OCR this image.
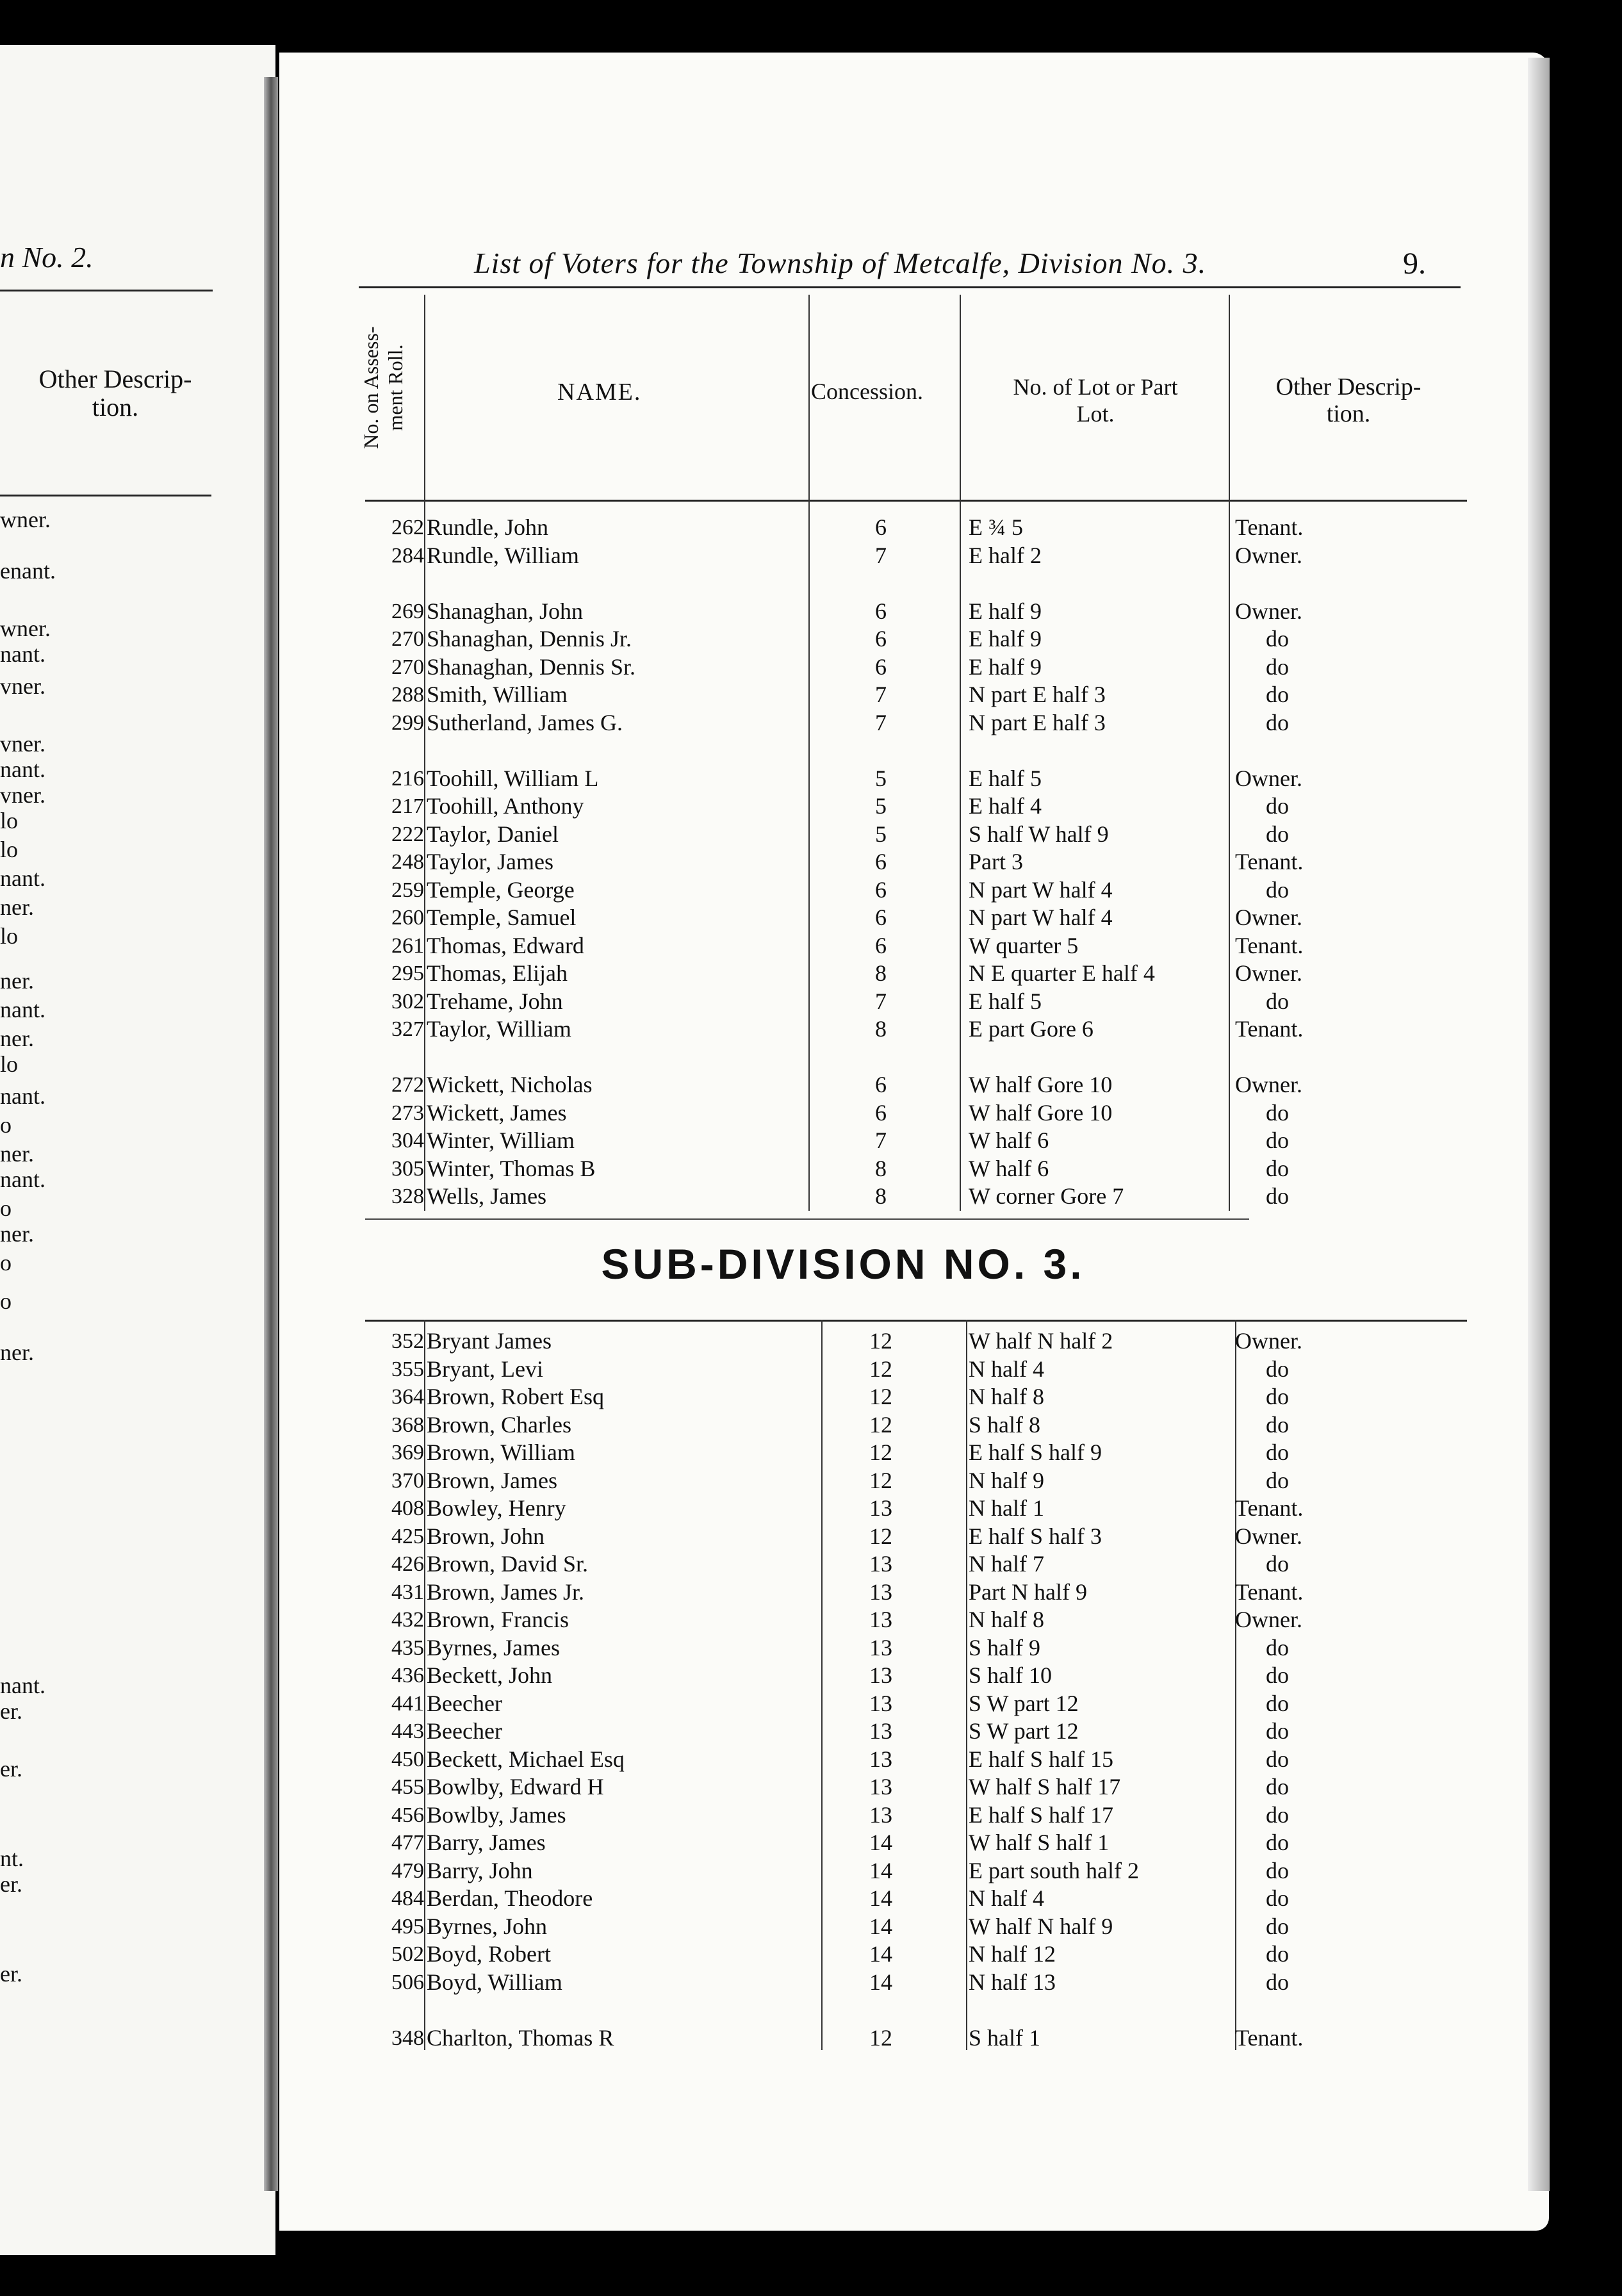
n No. 2.
Other Descrip-
tion.
wner.
enant.
wner.
nant.
vner.
vner.
nant.
vner.
lo
lo
nant.
ner.
lo
ner.
nant.
ner.
lo
nant.
o
ner.
nant.
o
ner.
o
o
ner.
nant.
er.
er.
nt.
er.
er.
List of Voters for the Township of Metcalfe, Division No. 3.	9.
No. on Assess- ment Roll.	NAME.	Concession.	No. of Lot or Part
Lot.
Other Descrip-
tion.
262 Rundle, John	6	E ¾ 5	Tenant.
284 Rundle, William	7	E half 2	Owner.
269 Shanaghan, John	6	E half 9	Owner.
270 Shanaghan, Dennis Jr.	6	E half 9	do
270 Shanaghan, Dennis Sr.	6	E half 9	do
288 Smith, William	7	N part E half 3	do
299 Sutherland, James G.	7	N part E half 3	do
216 Toohill, William L	5	E half 5	Owner.
217 Toohill, Anthony	5	E half 4	do
222 Taylor, Daniel	5	S half W half 9	do
248 Taylor, James	6	Part 3	Tenant.
259 Temple, George	6	N part W half 4	do
260 Temple, Samuel	6	N part W half 4	Owner.
261 Thomas, Edward	6	W quarter 5	Tenant.
295 Thomas, Elijah	8	N E quarter E half 4	Owner.
302 Trehame, John	7	E half 5	do
327 Taylor, William	8	E part Gore 6	Tenant.
272 Wickett, Nicholas	6	W half Gore 10	Owner.
273 Wickett, James	6	W half Gore 10	do
304 Winter, William	7	W half 6	do
305 Winter, Thomas B	8	W half 6	do
328 Wells, James	8	W corner Gore 7	do
SUB-DIVISION NO. 3.
352 Bryant James	12	W half N half 2	Owner.
355 Bryant, Levi	12	N half 4	do
364 Brown, Robert Esq	12	N half 8	do
368 Brown, Charles	12	S half 8	do
369 Brown, William	12	E half S half 9	do
370 Brown, James	12	N half 9	do
408 Bowley, Henry	13	N half 1	Tenant.
425 Brown, John	12	E half S half 3	Owner.
426 Brown, David Sr.	13	N half 7	do
431 Brown, James Jr.	13	Part N half 9	Tenant.
432 Brown, Francis	13	N half 8	Owner.
435 Byrnes, James	13	S half 9	do
436 Beckett, John	13	S half 10	do
441 Beecher	13	S W part 12	do
443 Beecher	13	S W part 12	do
450 Beckett, Michael Esq	13	E half S half 15	do
455 Bowlby, Edward H	13	W half S half 17	do
456 Bowlby, James	13	E half S half 17	do
477 Barry, James	14	W half S half 1	do
479 Barry, John	14	E part south half 2	do
484 Berdan, Theodore	14	N half 4	do
495 Byrnes, John	14	W half N half 9	do
502 Boyd, Robert	14	N half 12	do
506 Boyd, William	14	N half 13	do
348 Charlton, Thomas R	12	S half 1	Tenant.
